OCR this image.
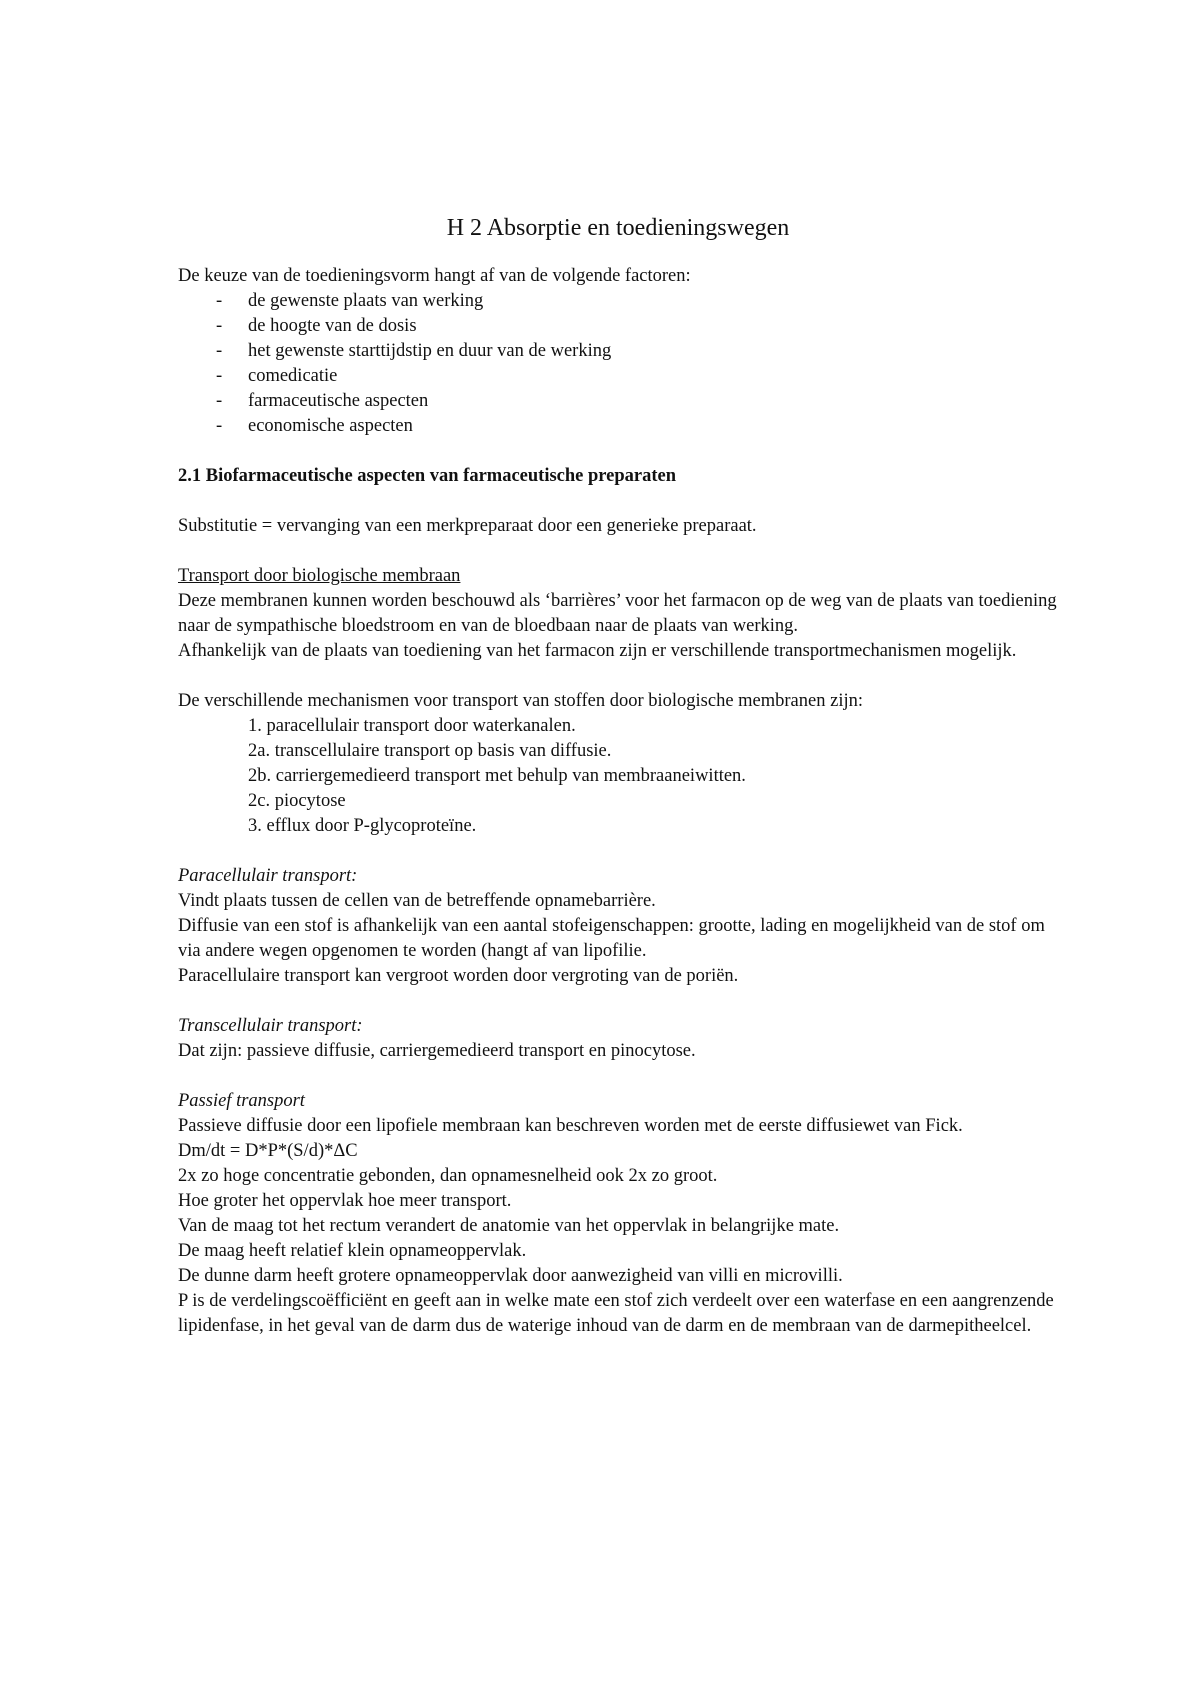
H 2 Absorptie en toedieningswegen

De keuze van de toedieningsvorm hangt af van de volgende factoren:

- de gewenste plaats van werking
- de hoogte van de dosis
- het gewenste starttijdstip en duur van de werking
- comedicatie
- farmaceutische aspecten
- economische aspecten

2.1 Biofarmaceutische aspecten van farmaceutische preparaten

Substitutie = vervanging van een merkpreparaat door een generieke preparaat.

Transport door biologische membraan

Deze membranen kunnen worden beschouwd als ‘barrières’ voor het farmacon op de weg van de plaats van toediening naar de sympathische bloedstroom en van de bloedbaan naar de plaats van werking.

Afhankelijk van de plaats van toediening van het farmacon zijn er verschillende transportmechanismen mogelijk.

De verschillende mechanismen voor transport van stoffen door biologische membranen zijn:

1. paracellulair transport door waterkanalen.
2a. transcellulaire transport op basis van diffusie.
2b. carriergemedieerd transport met behulp van membraaneiwitten.
2c. piocytose
3. efflux door P-glycoproteïne.

Paracellulair transport:

Vindt plaats tussen de cellen van de betreffende opnamebarrière.

Diffusie van een stof is afhankelijk van een aantal stofeigenschappen: grootte, lading en mogelijkheid van de stof om via andere wegen opgenomen te worden (hangt af van lipofilie.

Paracellulaire transport kan vergroot worden door vergroting van de poriën.

Transcellulair transport:

Dat zijn: passieve diffusie, carriergemedieerd transport en pinocytose.

Passief transport

Passieve diffusie door een lipofiele membraan kan beschreven worden met de eerste diffusiewet van Fick.

Dm/dt = D*P*(S/d)*ΔC

2x zo hoge concentratie gebonden, dan opnamesnelheid ook 2x zo groot.

Hoe groter het oppervlak hoe meer transport.

Van de maag tot het rectum verandert de anatomie van het oppervlak in belangrijke mate.

De maag heeft relatief klein opnameoppervlak.

De dunne darm heeft grotere opnameoppervlak door aanwezigheid van villi en microvilli.

P is de verdelingscoëfficiënt en geeft aan in welke mate een stof zich verdeelt over een waterfase en een aangrenzende lipidenfase, in het geval van de darm dus de waterige inhoud van de darm en de membraan van de darmepitheelcel.
